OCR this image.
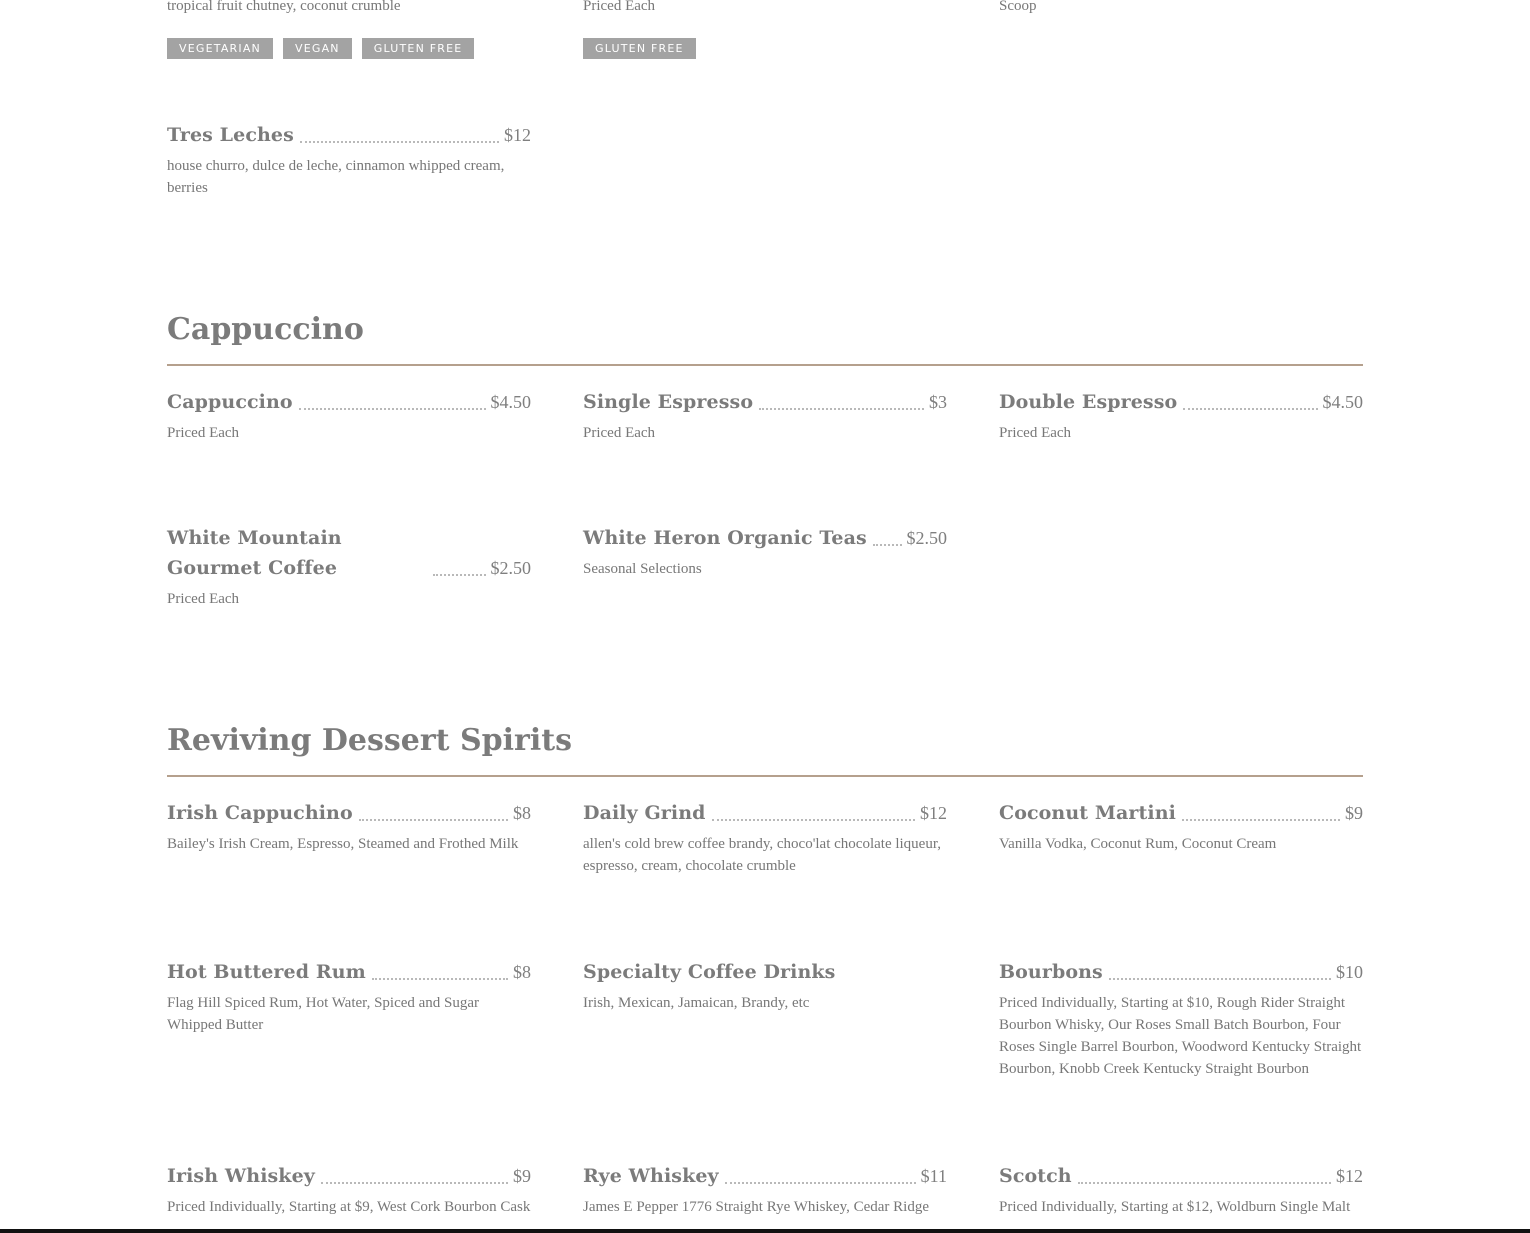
tropical fruit chutney, coconut crumble	Priced Each	Scoop
VEGETARIAN	VEGAN	GLUTEN FREE	GLUTEN FREE
Tres Leches	$12
house churro, dulce de leche, cinnamon whipped cream, berries
Cappuccino
Cappuccino	$4.50
Priced Each
Single Espresso	$3
Priced Each
Double Espresso	$4.50
Priced Each
White Mountain Gourmet Coffee	$2.50
Priced Each
White Heron Organic Teas $2.50
Seasonal Selections
Reviving Dessert Spirits
Irish Cappuchino	$8
Bailey's Irish Cream, Espresso, Steamed and Frothed Milk
Daily Grind	$12
allen's cold brew coffee brandy, choco'lat chocolate liqueur, espresso, cream, chocolate crumble
Coconut Martini	$9
Vanilla Vodka, Coconut Rum, Coconut Cream
Hot Buttered Rum	$8
Flag Hill Spiced Rum, Hot Water, Spiced and Sugar Whipped Butter
Specialty Coffee Drinks
Irish, Mexican, Jamaican, Brandy, etc
Bourbons	$10
Priced Individually, Starting at $10, Rough Rider Straight Bourbon Whisky, Our Roses Small Batch Bourbon, Four Roses Single Barrel Bourbon, Woodword Kentucky Straight Bourbon, Knobb Creek Kentucky Straight Bourbon
Irish Whiskey	$9
Priced Individually, Starting at $9, West Cork Bourbon Cask
Rye Whiskey	$11
James E Pepper 1776 Straight Rye Whiskey, Cedar Ridge
Scotch	$12
Priced Individually, Starting at $12, Woldburn Single Malt
